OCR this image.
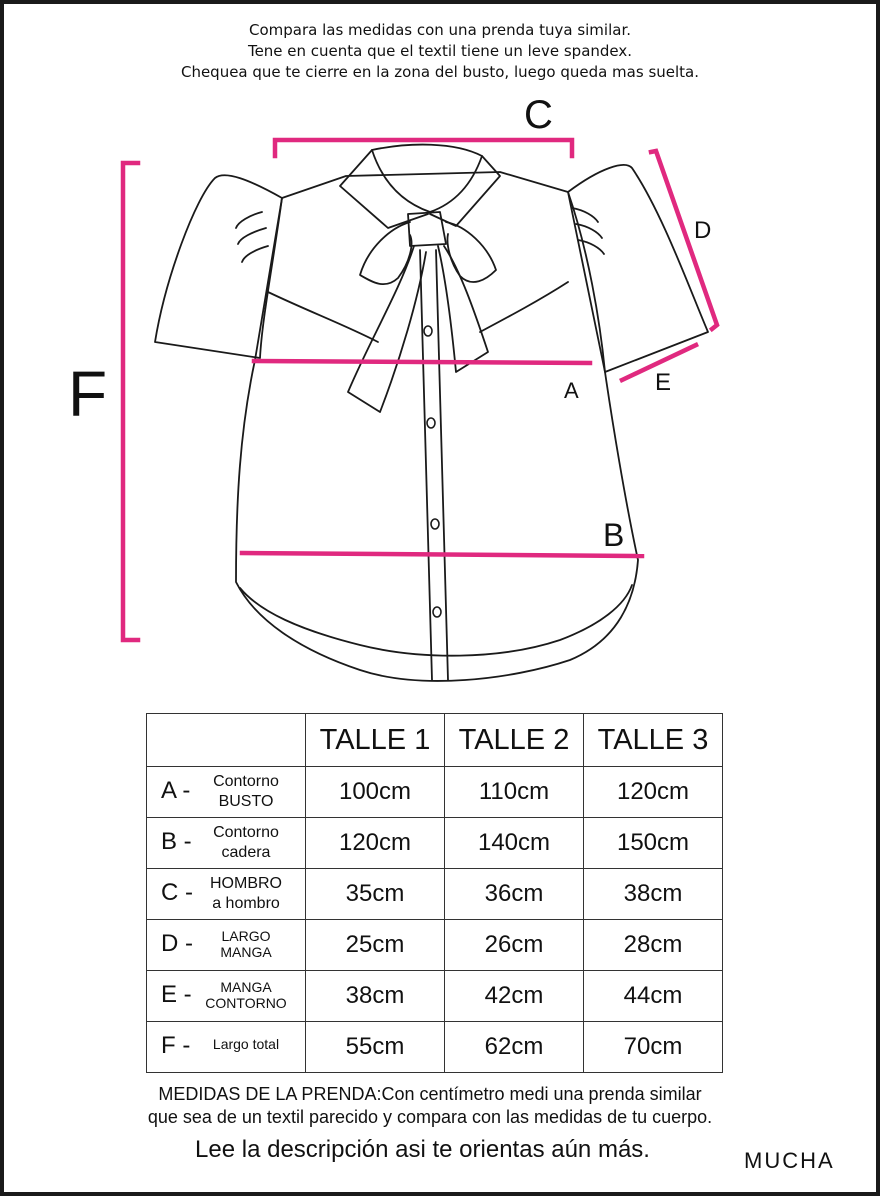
Compara las medidas con una prenda tuya similar.
Tene en cuenta que el textil tiene un leve spandex.
Chequea que te cierre en la zona del busto, luego queda mas suelta.
C
F
D
E
A
B
	TALLE 1	TALLE 2	TALLE 3

A - Contorno
BUSTO	100cm	110cm	120cm

B - Contorno
cadera	120cm	140cm	150cm

C - HOMBRO
a hombro	35cm	36cm	38cm

D - LARGO
MANGA	25cm	26cm	28cm

E - MANGA
CONTORNO	38cm	42cm	44cm

F - Largo total	55cm	62cm	70cm
MEDIDAS DE LA PRENDA:Con centímetro medi una prenda similar
que sea de un textil parecido y compara con las medidas de tu cuerpo.
Lee la descripción asi te orientas aún más.	MUCHA
